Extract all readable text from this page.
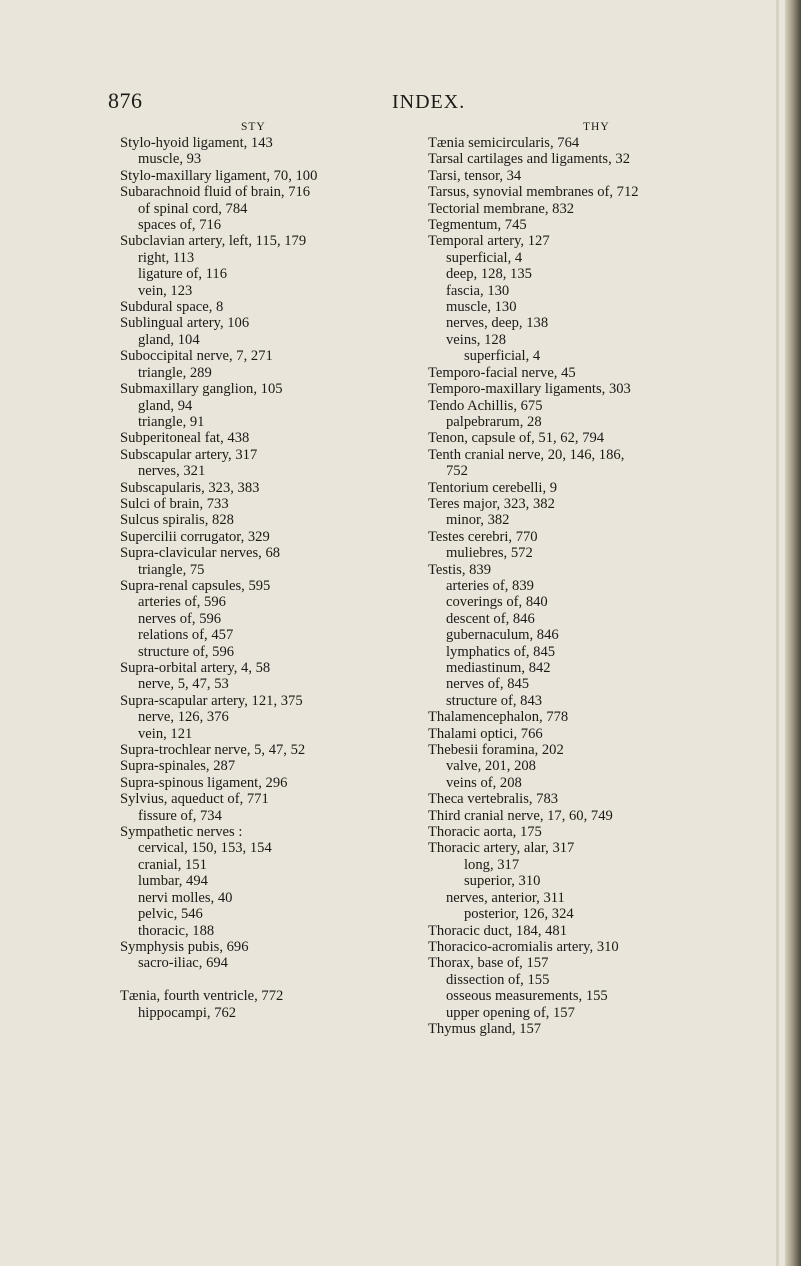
876	INDEX.
STY	THY
Stylo-hyoid ligament, 143
muscle, 93
Stylo-maxillary ligament, 70, 100
Subarachnoid fluid of brain, 716
of spinal cord, 784
spaces of, 716
Subclavian artery, left, 115, 179
right, 113
ligature of, 116
vein, 123
Subdural space, 8
Sublingual artery, 106
gland, 104
Suboccipital nerve, 7, 271
triangle, 289
Submaxillary ganglion, 105
gland, 94
triangle, 91
Subperitoneal fat, 438
Subscapular artery, 317
nerves, 321
Subscapularis, 323, 383
Sulci of brain, 733
Sulcus spiralis, 828
Supercilii corrugator, 329
Supra-clavicular nerves, 68
triangle, 75
Supra-renal capsules, 595
arteries of, 596
nerves of, 596
relations of, 457
structure of, 596
Supra-orbital artery, 4, 58
nerve, 5, 47, 53
Supra-scapular artery, 121, 375
nerve, 126, 376
vein, 121
Supra-trochlear nerve, 5, 47, 52
Supra-spinales, 287
Supra-spinous ligament, 296
Sylvius, aqueduct of, 771
fissure of, 734
Sympathetic nerves :
cervical, 150, 153, 154
cranial, 151
lumbar, 494
nervi molles, 40
pelvic, 546
thoracic, 188
Symphysis pubis, 696
sacro-iliac, 694
Tænia, fourth ventricle, 772
hippocampi, 762
Tænia semicircularis, 764
Tarsal cartilages and ligaments, 32
Tarsi, tensor, 34
Tarsus, synovial membranes of, 712
Tectorial membrane, 832
Tegmentum, 745
Temporal artery, 127
superficial, 4
deep, 128, 135
fascia, 130
muscle, 130
nerves, deep, 138
veins, 128
superficial, 4
Temporo-facial nerve, 45
Temporo-maxillary ligaments, 303
Tendo Achillis, 675
palpebrarum, 28
Tenon, capsule of, 51, 62, 794
Tenth cranial nerve, 20, 146, 186,
752
Tentorium cerebelli, 9
Teres major, 323, 382
minor, 382
Testes cerebri, 770
muliebres, 572
Testis, 839
arteries of, 839
coverings of, 840
descent of, 846
gubernaculum, 846
lymphatics of, 845
mediastinum, 842
nerves of, 845
structure of, 843
Thalamencephalon, 778
Thalami optici, 766
Thebesii foramina, 202
valve, 201, 208
veins of, 208
Theca vertebralis, 783
Third cranial nerve, 17, 60, 749
Thoracic aorta, 175
Thoracic artery, alar, 317
long, 317
superior, 310
nerves, anterior, 311
posterior, 126, 324
Thoracic duct, 184, 481
Thoracico-acromialis artery, 310
Thorax, base of, 157
dissection of, 155
osseous measurements, 155
upper opening of, 157
Thymus gland, 157
